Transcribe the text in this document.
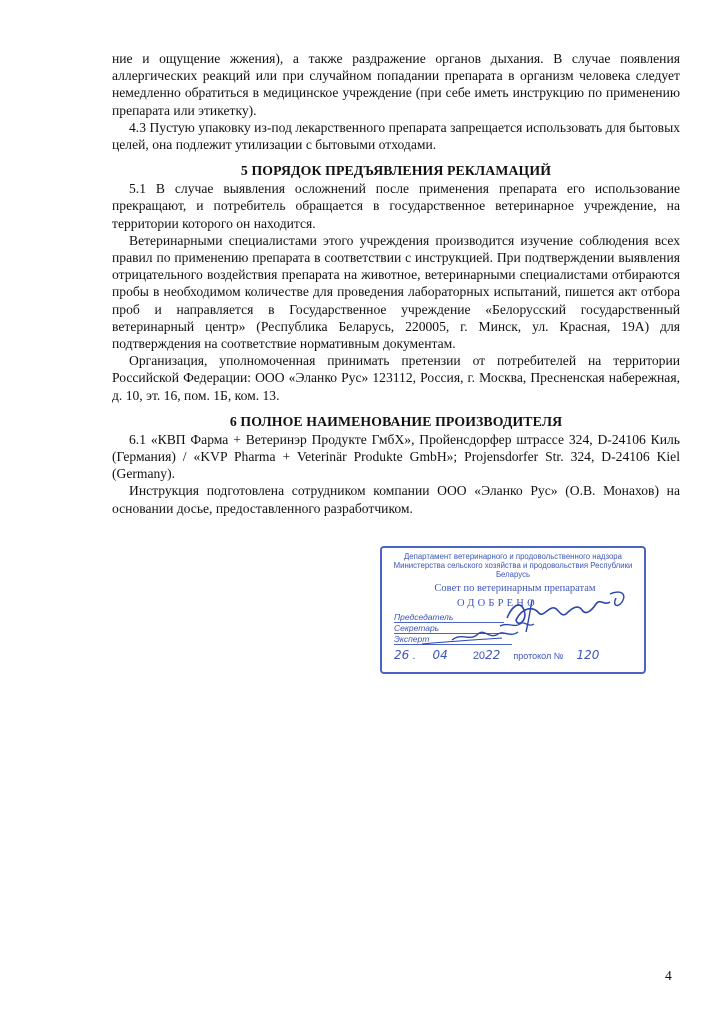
ние и ощущение жжения), а также раздражение органов дыхания. В случае появления аллергических реакций или при случайном попадании препарата в организм человека следует немедленно обратиться в медицинское учреждение (при себе иметь инструкцию по применению препарата или этикетку).

4.3 Пустую упаковку из-под лекарственного препарата запрещается использовать для бытовых целей, она подлежит утилизации с бытовыми отходами.

5 ПОРЯДОК ПРЕДЪЯВЛЕНИЯ РЕКЛАМАЦИЙ

5.1 В случае выявления осложнений после применения препарата его использование прекращают, и потребитель обращается в государственное ветеринарное учреждение, на территории которого он находится.

Ветеринарными специалистами этого учреждения производится изучение соблюдения всех правил по применению препарата в соответствии с инструкцией. При подтверждении выявления отрицательного воздействия препарата на животное, ветеринарными специалистами отбираются пробы в необходимом количестве для проведения лабораторных испытаний, пишется акт отбора проб и направляется в Государственное учреждение «Белорусский государственный ветеринарный центр» (Республика Беларусь, 220005, г. Минск, ул. Красная, 19А) для подтверждения на соответствие нормативным документам.

Организация, уполномоченная принимать претензии от потребителей на территории Российской Федерации: ООО «Эланко Рус» 123112, Россия, г. Москва, Пресненская набережная, д. 10, эт. 16, пом. 1Б, ком. 13.

6 ПОЛНОЕ НАИМЕНОВАНИЕ ПРОИЗВОДИТЕЛЯ

6.1 «КВП Фарма + Ветеринэр Продукте ГмбХ», Пройенсдорфер штрассе 324, D-24106 Киль (Германия) / «KVP Pharma + Veterinär Produkte GmbH»; Projensdorfer Str. 324, D-24106 Kiel (Germany).

Инструкция подготовлена сотрудником компании ООО «Эланко Рус» (О.В. Монахов) на основании досье, предоставленного разработчиком.

Департамент ветеринарного и продовольственного надзора Министерства сельского хозяйства и продовольствия Республики Беларусь
Совет по ветеринарным препаратам
ОДОБРЕНО
Председатель
Секретарь
Эксперт
26 . 04 2022 протокол № 120
4
